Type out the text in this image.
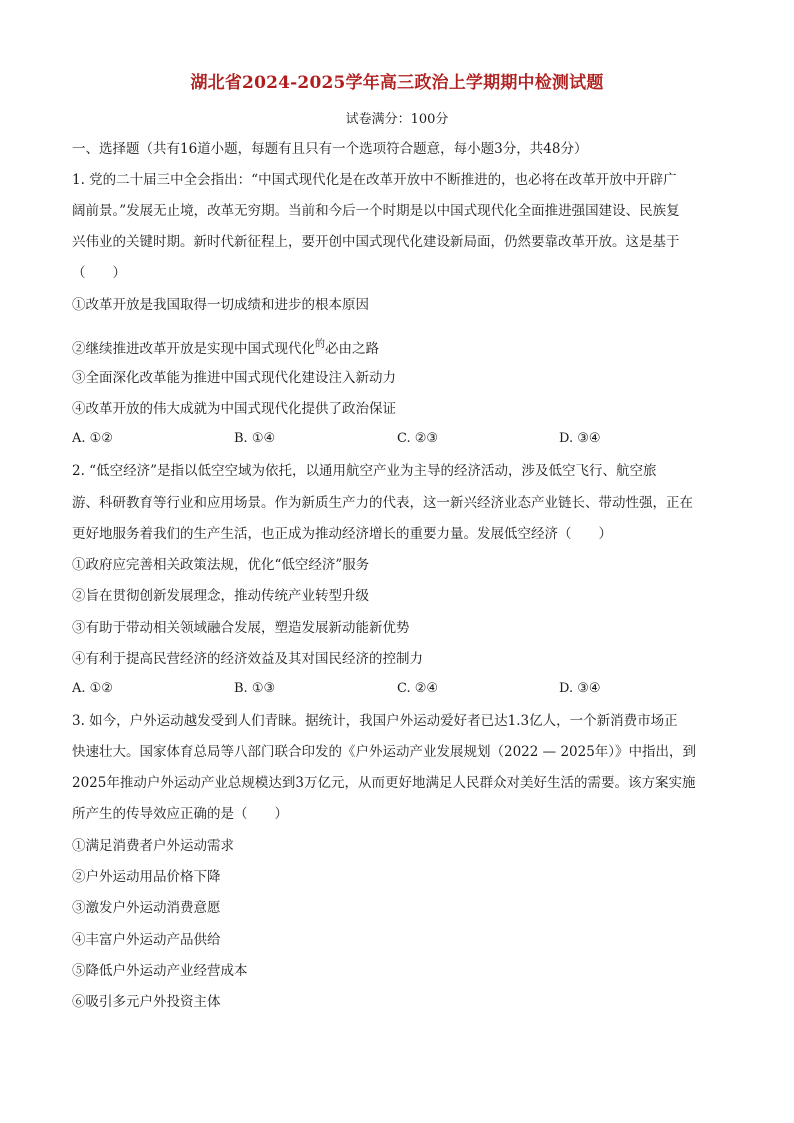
湖北省2024-2025学年高三政治上学期期中检测试题
试卷满分：100分
一、选择题（共有16道小题，每题有且只有一个选项符合题意，每小题3分，共48分）
1. 党的二十届三中全会指出：“中国式现代化是在改革开放中不断推进的，也必将在改革开放中开辟广
阔前景。”发展无止境，改革无穷期。当前和今后一个时期是以中国式现代化全面推进强国建设、民族复
兴伟业的关键时期。新时代新征程上，要开创中国式现代化建设新局面，仍然要靠改革开放。这是基于
（　　）
①改革开放是我国取得一切成绩和进步的根本原因
②继续推进改革开放是实现中国式现代化$^的$必由之路
③全面深化改革能为推进中国式现代化建设注入新动力
④改革开放的伟大成就为中国式现代化提供了政治保证
A. ①②	B. ①④	C. ②③	D. ③④
2. “低空经济”是指以低空空域为依托，以通用航空产业为主导的经济活动，涉及低空飞行、航空旅
游、科研教育等行业和应用场景。作为新质生产力的代表，这一新兴经济业态产业链长、带动性强，正在
更好地服务着我们的生产生活，也正成为推动经济增长的重要力量。发展低空经济（　　）
①政府应完善相关政策法规，优化“低空经济”服务
②旨在贯彻创新发展理念，推动传统产业转型升级
③有助于带动相关领域融合发展，塑造发展新动能新优势
④有利于提高民营经济的经济效益及其对国民经济的控制力
A. ①②	B. ①③	C. ②④	D. ③④
3. 如今，户外运动越发受到人们青睐。据统计，我国户外运动爱好者已达1.3亿人，一个新消费市场正
快速壮大。国家体育总局等八部门联合印发的《户外运动产业发展规划（2022 — 2025年）》中指出，到
2025年推动户外运动产业总规模达到3万亿元，从而更好地满足人民群众对美好生活的需要。该方案实施
所产生的传导效应正确的是（　　）
①满足消费者户外运动需求
②户外运动用品价格下降
③激发户外运动消费意愿
④丰富户外运动产品供给
⑤降低户外运动产业经营成本
⑥吸引多元户外投资主体
